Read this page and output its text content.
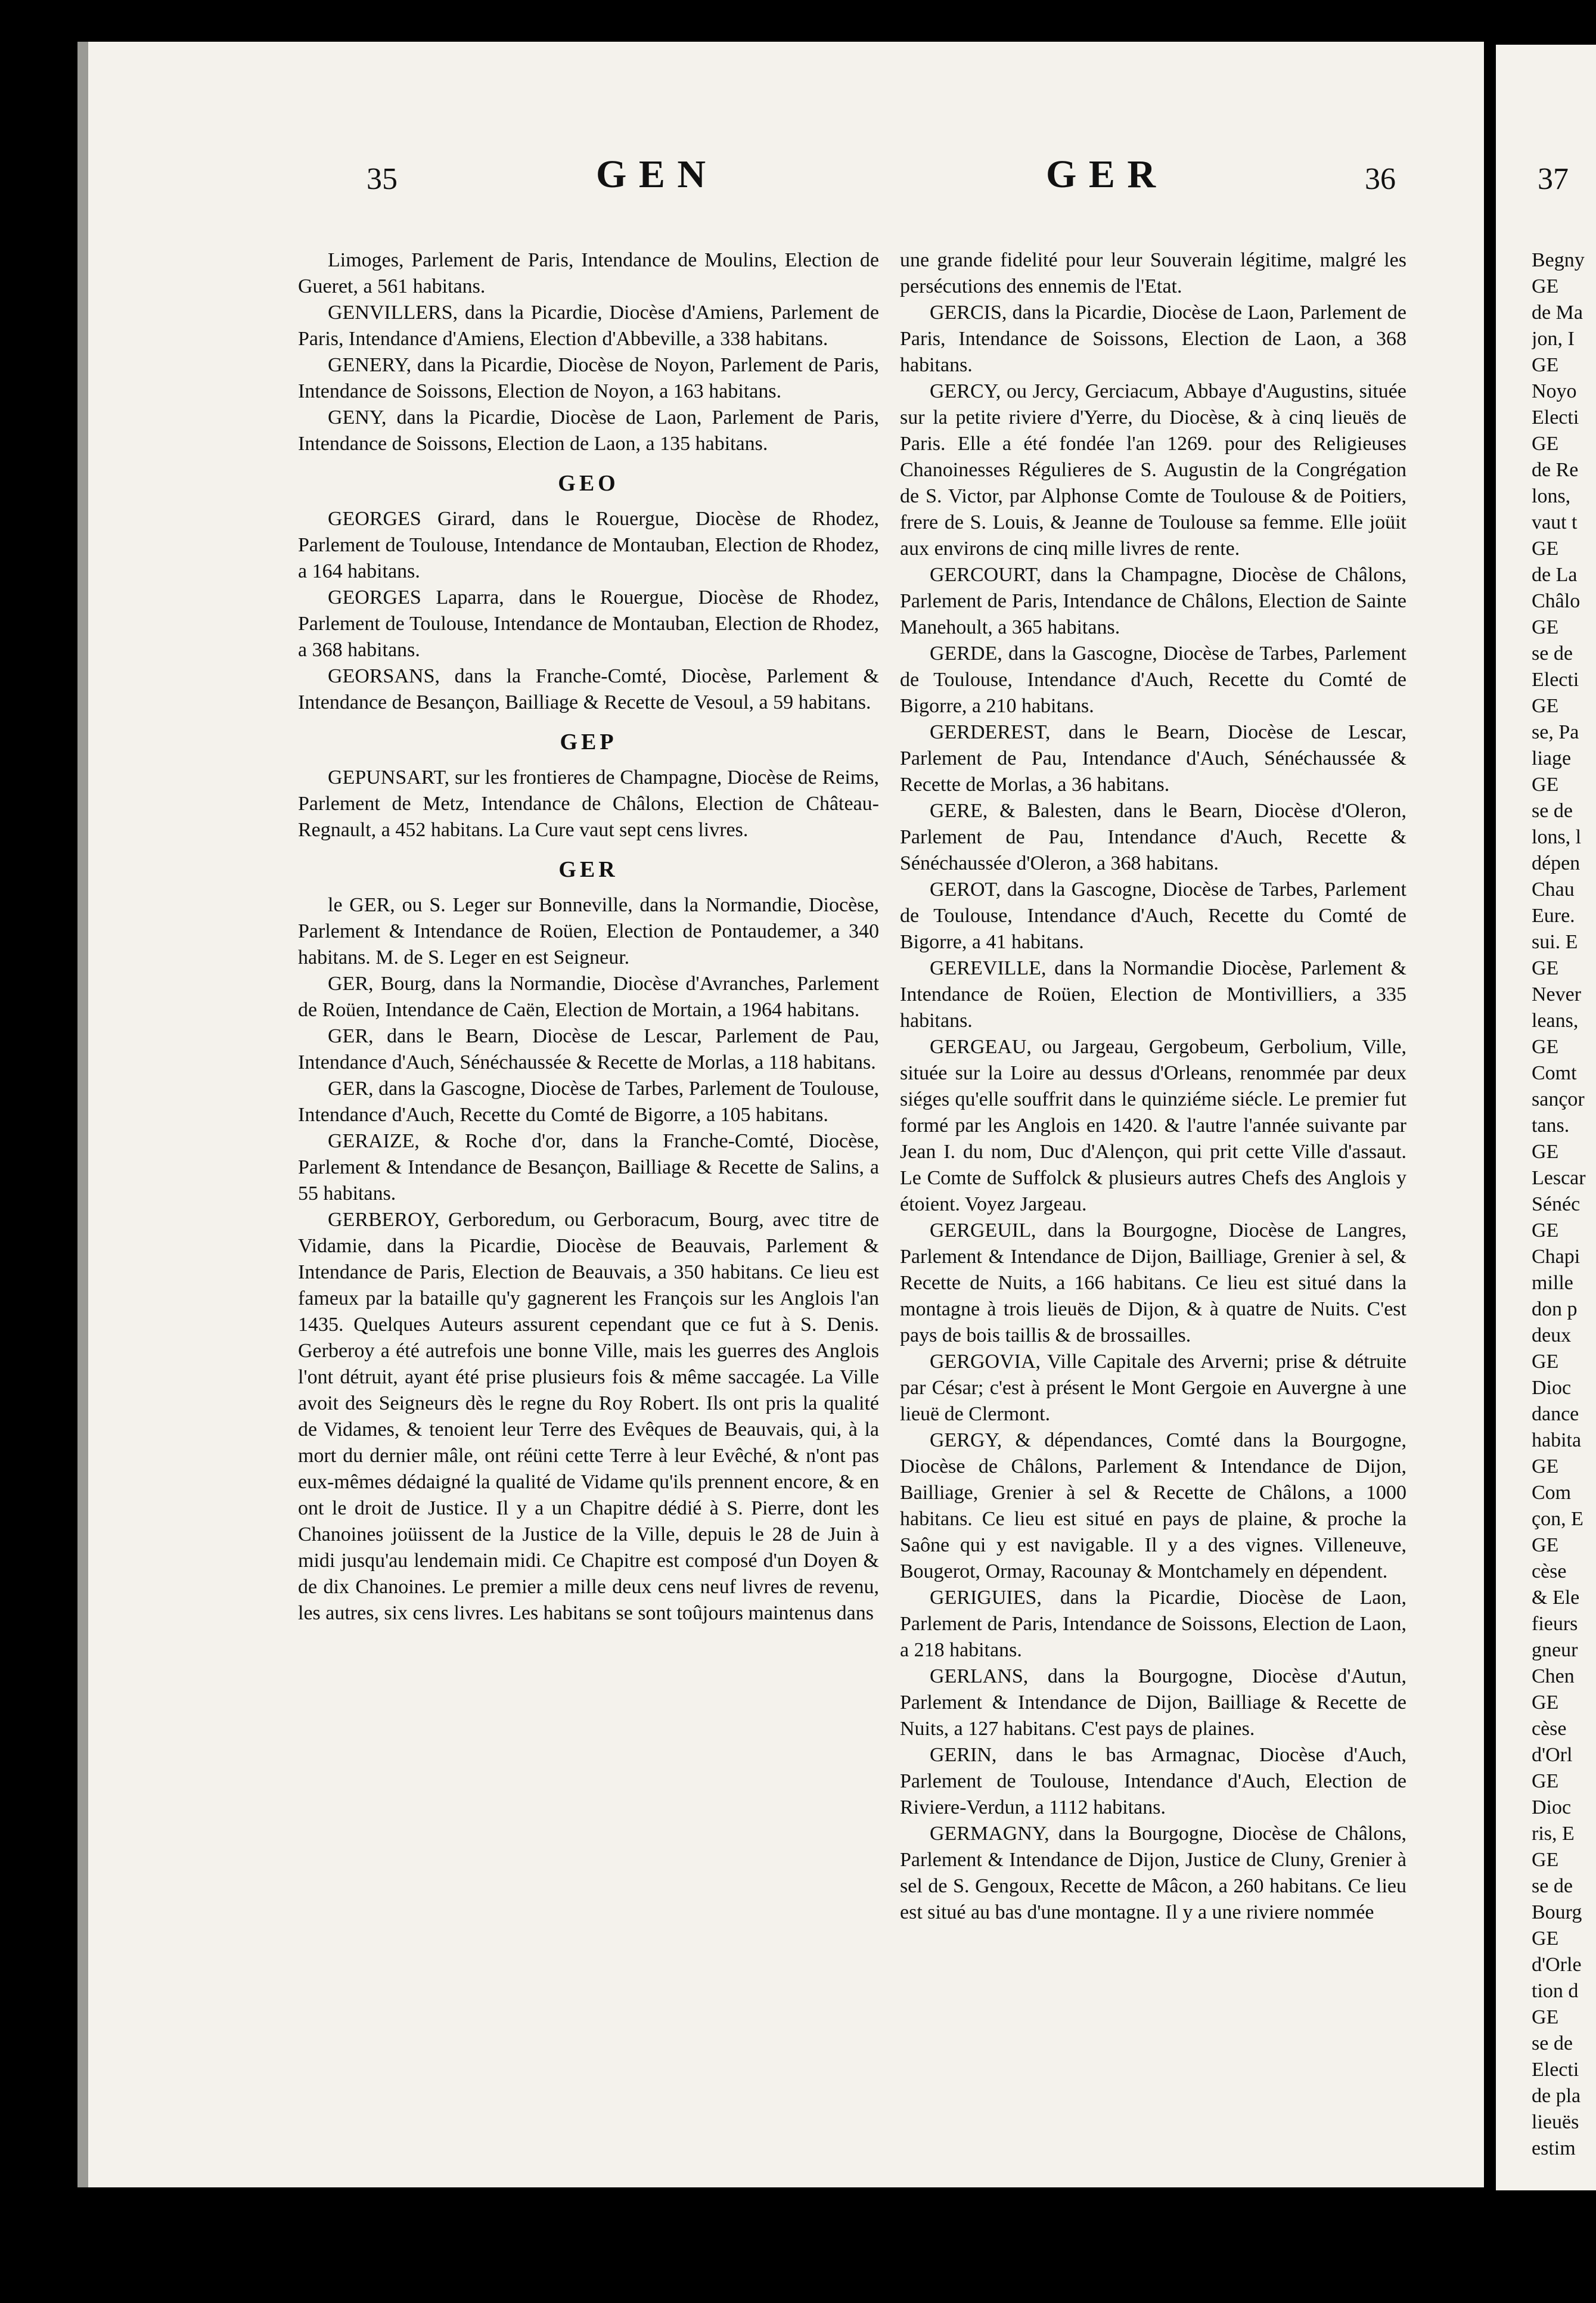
35	G E N	G E R	36	37

Limoges, Parlement de Paris, Intendance de Moulins, Election de Gueret, a 561 habitans.

GENVILLERS, dans la Picardie, Diocèse d'Amiens, Parlement de Paris, Intendance d'Amiens, Election d'Abbeville, a 338 habitans.

GENERY, dans la Picardie, Diocèse de Noyon, Parlement de Paris, Intendance de Soissons, Election de Noyon, a 163 habitans.

GENY, dans la Picardie, Diocèse de Laon, Parlement de Paris, Intendance de Soissons, Election de Laon, a 135 habitans.

GEO

GEORGES Girard, dans le Rouergue, Diocèse de Rhodez, Parlement de Toulouse, Intendance de Montauban, Election de Rhodez, a 164 habitans.

GEORGES Laparra, dans le Rouergue, Diocèse de Rhodez, Parlement de Toulouse, Intendance de Montauban, Election de Rhodez, a 368 habitans.

GEORSANS, dans la Franche-Comté, Diocèse, Parlement & Intendance de Besançon, Bailliage & Recette de Vesoul, a 59 habitans.

GEP

GEPUNSART, sur les frontieres de Champagne, Diocèse de Reims, Parlement de Metz, Intendance de Châlons, Election de Château-Regnault, a 452 habitans. La Cure vaut sept cens livres.

GER

le GER, ou S. Leger sur Bonneville, dans la Normandie, Diocèse, Parlement & Intendance de Roüen, Election de Pontaudemer, a 340 habitans. M. de S. Leger en est Seigneur.

GER, Bourg, dans la Normandie, Diocèse d'Avranches, Parlement de Roüen, Intendance de Caën, Election de Mortain, a 1964 habitans.

GER, dans le Bearn, Diocèse de Lescar, Parlement de Pau, Intendance d'Auch, Sénéchaussée & Recette de Morlas, a 118 habitans.

GER, dans la Gascogne, Diocèse de Tarbes, Parlement de Toulouse, Intendance d'Auch, Recette du Comté de Bigorre, a 105 habitans.

GERAIZE, & Roche d'or, dans la Franche-Comté, Diocèse, Parlement & Intendance de Besançon, Bailliage & Recette de Salins, a 55 habitans.

GERBEROY, Gerboredum, ou Gerboracum, Bourg, avec titre de Vidamie, dans la Picardie, Diocèse de Beauvais, Parlement & Intendance de Paris, Election de Beauvais, a 350 habitans. Ce lieu est fameux par la bataille qu'y gagnerent les François sur les Anglois l'an 1435. Quelques Auteurs assurent cependant que ce fut à S. Denis. Gerberoy a été autrefois une bonne Ville, mais les guerres des Anglois l'ont détruit, ayant été prise plusieurs fois & même saccagée. La Ville avoit des Seigneurs dès le regne du Roy Robert. Ils ont pris la qualité de Vidames, & tenoient leur Terre des Evêques de Beauvais, qui, à la mort du dernier mâle, ont réüni cette Terre à leur Evêché, & n'ont pas eux-mêmes dédaigné la qualité de Vidame qu'ils prennent encore, & en ont le droit de Justice. Il y a un Chapitre dédié à S. Pierre, dont les Chanoines joüissent de la Justice de la Ville, depuis le 28 de Juin à midi jusqu'au lendemain midi. Ce Chapitre est composé d'un Doyen & de dix Chanoines. Le premier a mille deux cens neuf livres de revenu, les autres, six cens livres. Les habitans se sont toûjours maintenus dans

une grande fidelité pour leur Souverain légitime, malgré les persécutions des ennemis de l'Etat.

GERCIS, dans la Picardie, Diocèse de Laon, Parlement de Paris, Intendance de Soissons, Election de Laon, a 368 habitans.

GERCY, ou Jercy, Gerciacum, Abbaye d'Augustins, située sur la petite riviere d'Yerre, du Diocèse, & à cinq lieuës de Paris. Elle a été fondée l'an 1269. pour des Religieuses Chanoinesses Régulieres de S. Augustin de la Congrégation de S. Victor, par Alphonse Comte de Toulouse & de Poitiers, frere de S. Louis, & Jeanne de Toulouse sa femme. Elle joüit aux environs de cinq mille livres de rente.

GERCOURT, dans la Champagne, Diocèse de Châlons, Parlement de Paris, Intendance de Châlons, Election de Sainte Manehoult, a 365 habitans.

GERDE, dans la Gascogne, Diocèse de Tarbes, Parlement de Toulouse, Intendance d'Auch, Recette du Comté de Bigorre, a 210 habitans.

GERDEREST, dans le Bearn, Diocèse de Lescar, Parlement de Pau, Intendance d'Auch, Sénéchaussée & Recette de Morlas, a 36 habitans.

GERE, & Balesten, dans le Bearn, Diocèse d'Oleron, Parlement de Pau, Intendance d'Auch, Recette & Sénéchaussée d'Oleron, a 368 habitans.

GEROT, dans la Gascogne, Diocèse de Tarbes, Parlement de Toulouse, Intendance d'Auch, Recette du Comté de Bigorre, a 41 habitans.

GEREVILLE, dans la Normandie Diocèse, Parlement & Intendance de Roüen, Election de Montivilliers, a 335 habitans.

GERGEAU, ou Jargeau, Gergobeum, Gerbolium, Ville, située sur la Loire au dessus d'Orleans, renommée par deux siéges qu'elle souffrit dans le quinziéme siécle. Le premier fut formé par les Anglois en 1420. & l'autre l'année suivante par Jean I. du nom, Duc d'Alençon, qui prit cette Ville d'assaut. Le Comte de Suffolck & plusieurs autres Chefs des Anglois y étoient. Voyez Jargeau.

GERGEUIL, dans la Bourgogne, Diocèse de Langres, Parlement & Intendance de Dijon, Bailliage, Grenier à sel, & Recette de Nuits, a 166 habitans. Ce lieu est situé dans la montagne à trois lieuës de Dijon, & à quatre de Nuits. C'est pays de bois taillis & de brossailles.

GERGOVIA, Ville Capitale des Arverni; prise & détruite par César; c'est à présent le Mont Gergoie en Auvergne à une lieuë de Clermont.

GERGY, & dépendances, Comté dans la Bourgogne, Diocèse de Châlons, Parlement & Intendance de Dijon, Bailliage, Grenier à sel & Recette de Châlons, a 1000 habitans. Ce lieu est situé en pays de plaine, & proche la Saône qui y est navigable. Il y a des vignes. Villeneuve, Bougerot, Ormay, Racounay & Montchamely en dépendent.

GERIGUIES, dans la Picardie, Diocèse de Laon, Parlement de Paris, Intendance de Soissons, Election de Laon, a 218 habitans.

GERLANS, dans la Bourgogne, Diocèse d'Autun, Parlement & Intendance de Dijon, Bailliage & Recette de Nuits, a 127 habitans. C'est pays de plaines.

GERIN, dans le bas Armagnac, Diocèse d'Auch, Parlement de Toulouse, Intendance d'Auch, Election de Riviere-Verdun, a 1112 habitans.

GERMAGNY, dans la Bourgogne, Diocèse de Châlons, Parlement & Intendance de Dijon, Justice de Cluny, Grenier à sel de S. Gengoux, Recette de Mâcon, a 260 habitans. Ce lieu est situé au bas d'une montagne. Il y a une riviere nommée

Begny
GE
de Ma
jon, I
GE
Noyo
Electi
GE
de Re
lons,
vaut t
GE
de La
Châlo
GE
se de
Electi
GE
se, Pa
liage
GE
se de
lons, l
dépen
Chau
Eure.
sui. E
GE
Never
leans,
GE
Comt
sançor
tans.
GE
Lescar
Sénéc
GE
Chapi
mille
don p
deux
GE
Dioc
dance
habita
GE
Com
çon, E
GE
cèse
& Ele
fieurs
gneur
Chen
GE
cèse
d'Orl
GE
Dioc
ris, E
GE
se de
Bourg
GE
d'Orle
tion d
GE
se de
Electi
de pla
lieuës
estim
